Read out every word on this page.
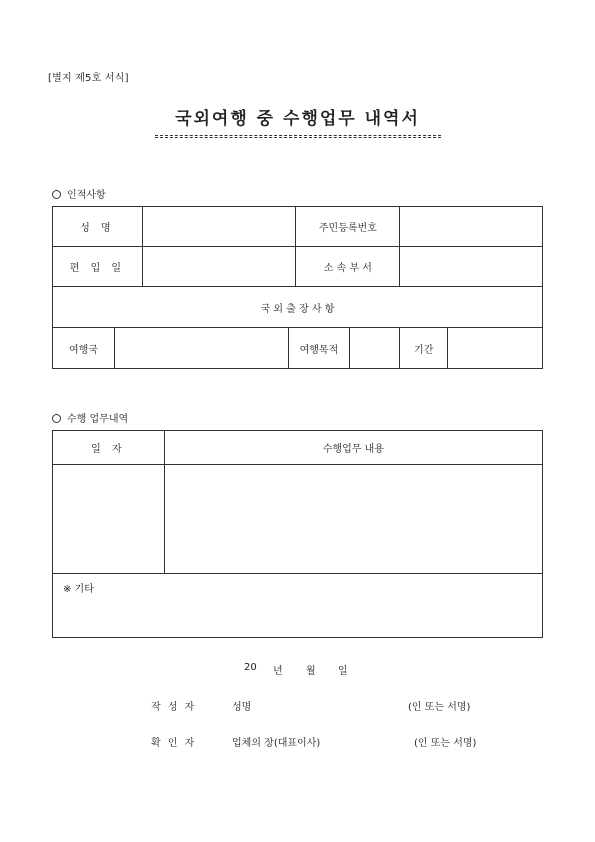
[별지 제5호 서식]
국외여행 중 수행업무 내역서
인적사항
성 명				주민등록번호			
편 입 일				소 속 부 서			
국 외 출 장 사 항							
여행국			여행목적			기간	
수행 업무내역
일 자	수행업무 내용

※ 기타	
20 년 월 일
작 성 자	성명	(인 또는 서명)
확 인 자	업체의 장(대표이사)	(인 또는 서명)
